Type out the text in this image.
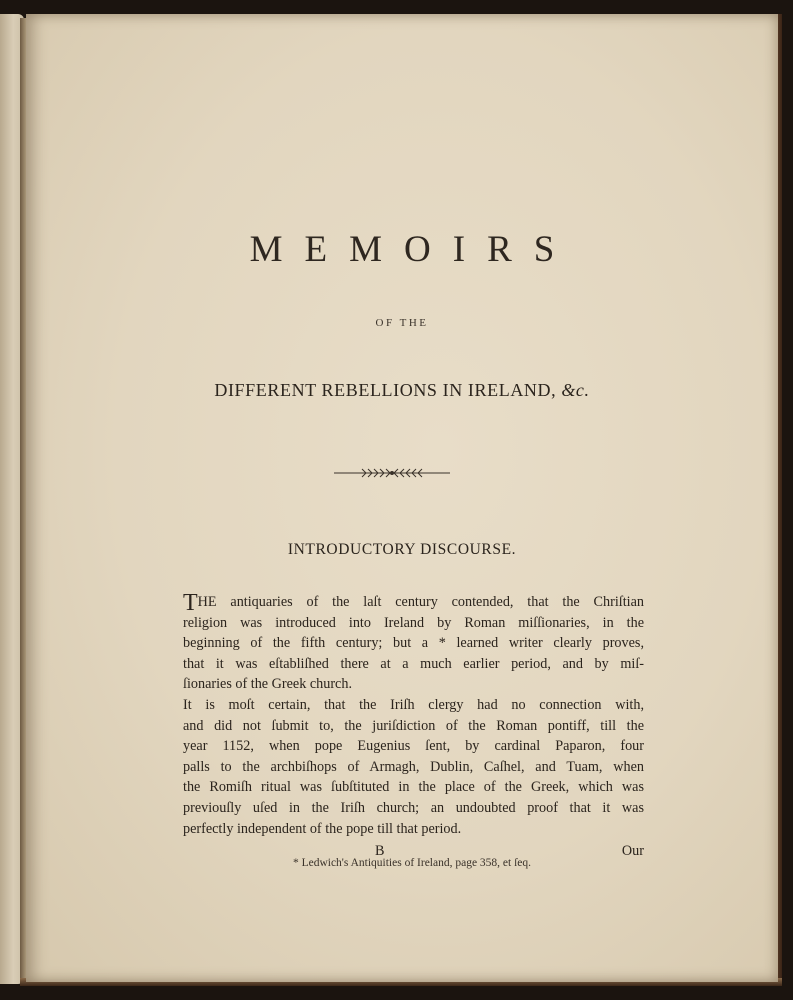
MEMOIRS
OF THE
DIFFERENT REBELLIONS IN IRELAND, &c.
INTRODUCTORY DISCOURSE.
T HE antiquaries of the laſt century contended, that the Chriſtian
religion was introduced into Ireland by Roman miſſionaries, in the
beginning of the fifth century; but a * learned writer clearly proves,
that it was eſtabliſhed there at a much earlier period, and by miſ-
ſionaries of the Greek church.
It is moſt certain, that the Iriſh clergy had no connection with,
and did not ſubmit to, the juriſdiction of the Roman pontiff, till the
year 1152, when pope Eugenius ſent, by cardinal Paparon, four
palls to the archbiſhops of Armagh, Dublin, Caſhel, and Tuam, when
the Romiſh ritual was ſubſtituted in the place of the Greek, which was
previouſly uſed in the Iriſh church; an undoubted proof that it was
perfectly independent of the pope till that period.
B	Our
* Ledwich's Antiquities of Ireland, page 358, et ſeq.
